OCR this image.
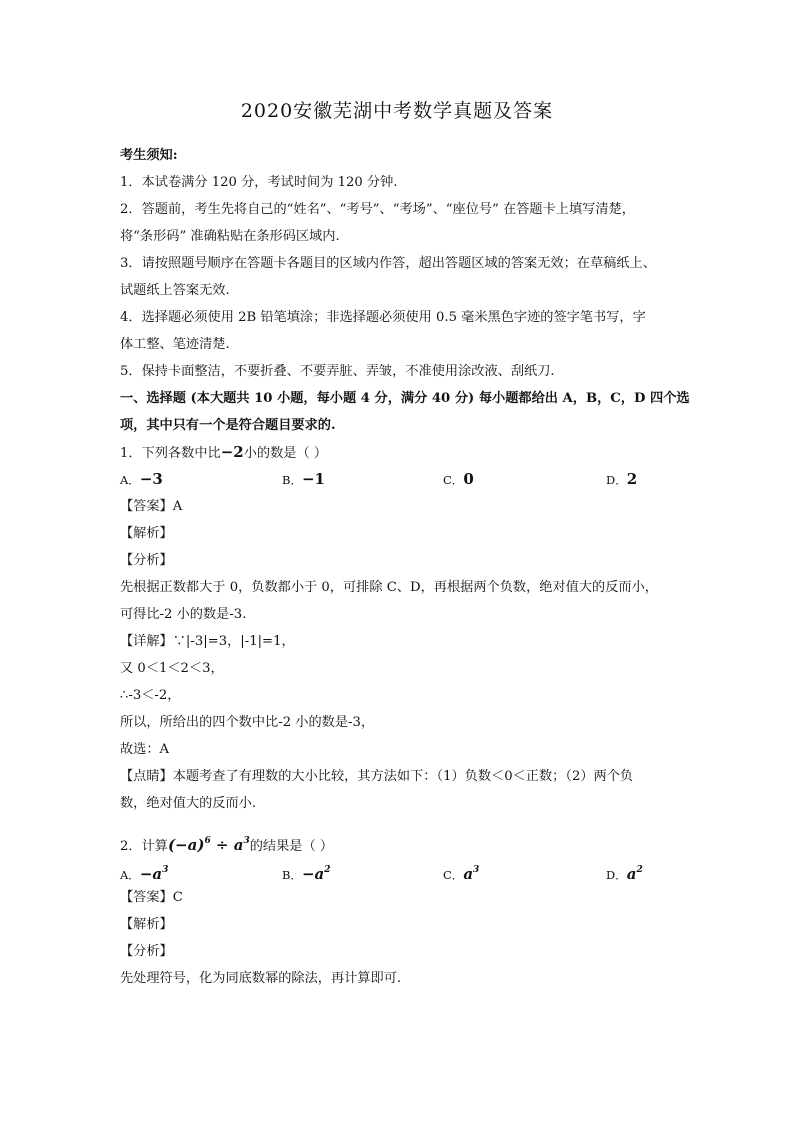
2020安徽芜湖中考数学真题及答案
考生须知:
1．本试卷满分 120 分，考试时间为 120 分钟.
2．答题前，考生先将自己的“姓名”、“考号”、“考场”、“座位号” 在答题卡上填写清楚，
将“条形码” 准确粘贴在条形码区域内.
3．请按照题号顺序在答题卡各题目的区域内作答，超出答题区域的答案无效；在草稿纸上、
试题纸上答案无效.
4．选择题必须使用 2B 铅笔填涂；非选择题必须使用 0.5 毫米黑色字迹的签字笔书写，字
体工整、笔迹清楚.
5．保持卡面整洁，不要折叠、不要弄脏、弄皱，不准使用涂改液、刮纸刀.
一、选择题 (本大题共 10 小题，每小题 4 分，满分 40 分) 每小题都给出 A，B，C，D 四个选
项，其中只有一个是符合题目要求的.
1．下列各数中比−2小的数是（ ）
A．−3	B．−1	C．0	D．2
【答案】A
【解析】
【分析】
先根据正数都大于 0，负数都小于 0，可排除 C、D，再根据两个负数，绝对值大的反而小，
可得比-2 小的数是-3.
【详解】∵|-3|=3，|-1|=1，
又 0＜1＜2＜3，
∴-3＜-2，
所以，所给出的四个数中比-2 小的数是-3，
故选：A
【点睛】本题考查了有理数的大小比较，其方法如下：（1）负数＜0＜正数；（2）两个负
数，绝对值大的反而小.
2．计算$(-a)^6 \div a^3$的结果是（ ）
A．$-a^3$	B．$-a^2$	C．$a^3$	D．$a^2$
【答案】C
【解析】
【分析】
先处理符号，化为同底数幂的除法，再计算即可.
